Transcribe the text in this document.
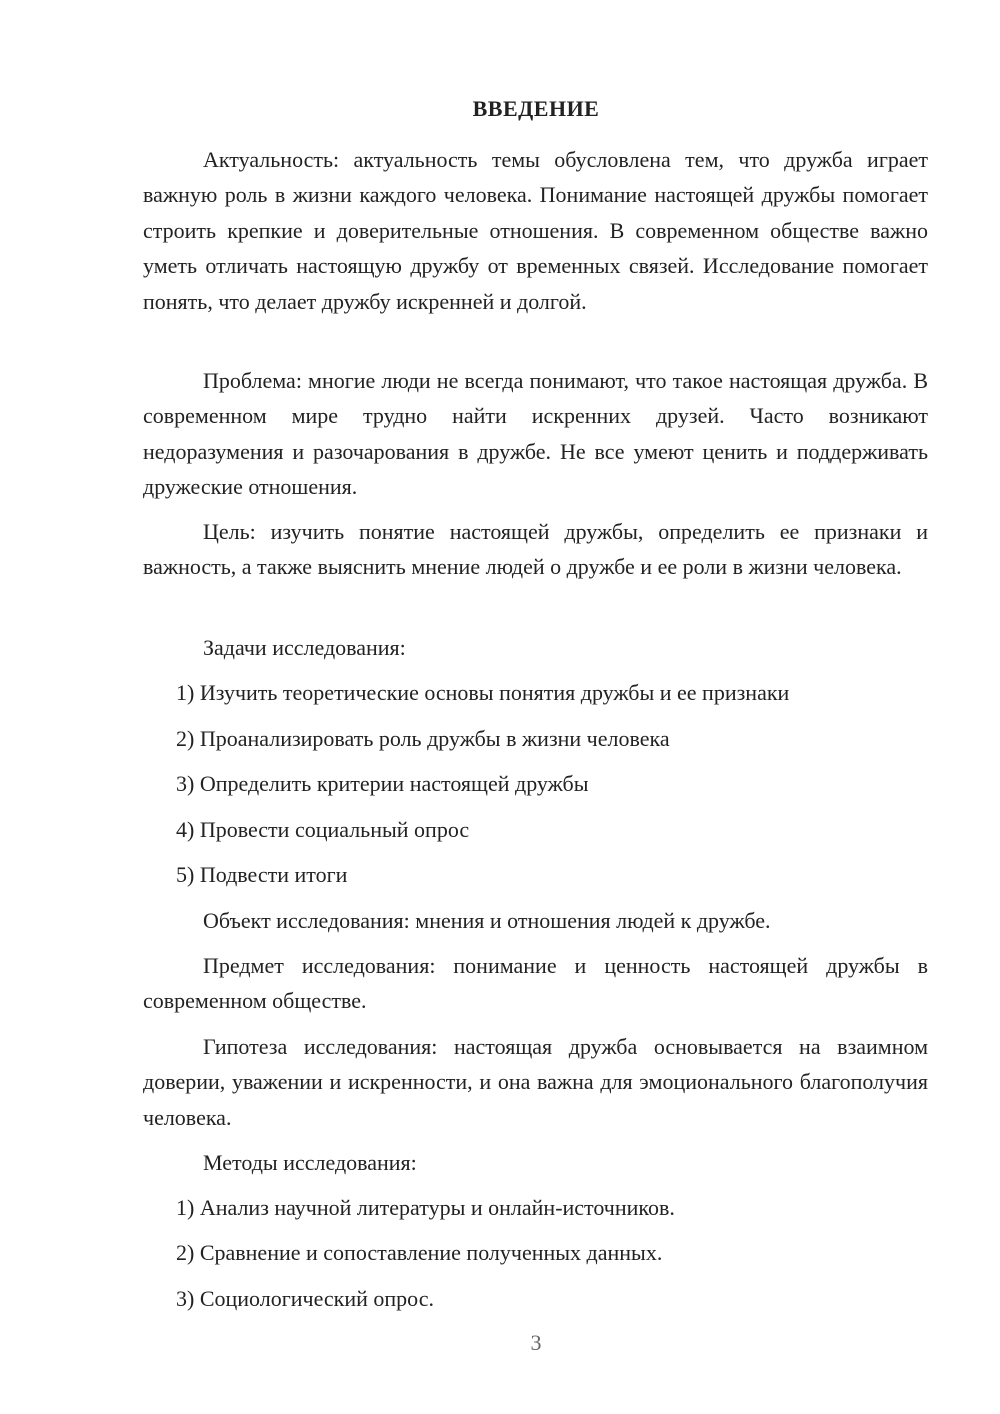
ВВЕДЕНИЕ

Актуальность: актуальность темы обусловлена тем, что дружба играет важную роль в жизни каждого человека. Понимание настоящей дружбы помогает строить крепкие и доверительные отношения. В современном обществе важно уметь отличать настоящую дружбу от временных связей. Исследование помогает понять, что делает дружбу искренней и долгой.

Проблема: многие люди не всегда понимают, что такое настоящая дружба. В современном мире трудно найти искренних друзей. Часто возникают недоразумения и разочарования в дружбе. Не все умеют ценить и поддерживать дружеские отношения.

Цель: изучить понятие настоящей дружбы, определить ее признаки и важность, а также выяснить мнение людей о дружбе и ее роли в жизни человека.

Задачи исследования:

1) Изучить теоретические основы понятия дружбы и ее признаки

2) Проанализировать роль дружбы в жизни человека

3) Определить критерии настоящей дружбы

4) Провести социальный опрос

5) Подвести итоги

Объект исследования: мнения и отношения людей к дружбе.

Предмет исследования: понимание и ценность настоящей дружбы в современном обществе.

Гипотеза исследования: настоящая дружба основывается на взаимном доверии, уважении и искренности, и она важна для эмоционального благополучия человека.

Методы исследования:

1) Анализ научной литературы и онлайн-источников.

2) Сравнение и сопоставление полученных данных.

3) Социологический опрос.

3
